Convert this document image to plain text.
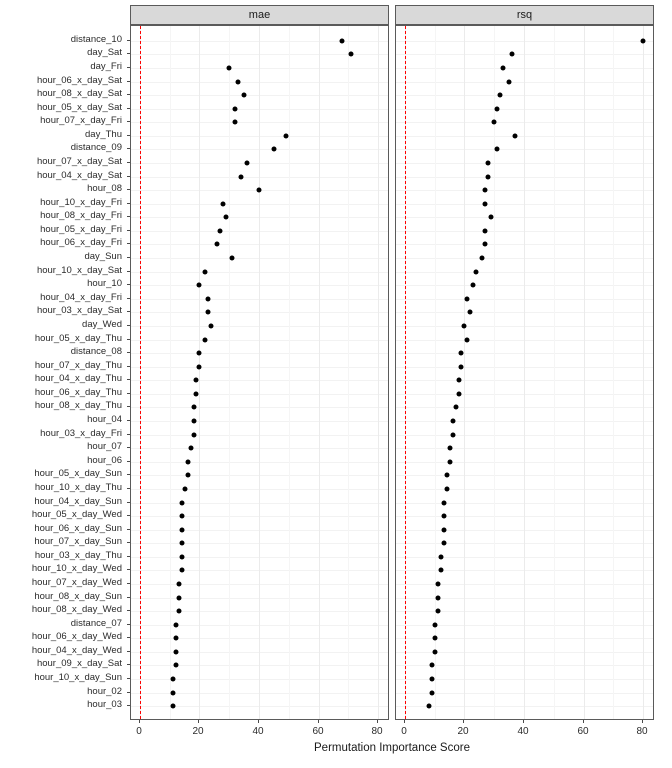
distance_10
day_Sat
day_Fri
hour_06_x_day_Sat
hour_08_x_day_Sat
hour_05_x_day_Sat
hour_07_x_day_Fri
day_Thu
distance_09
hour_07_x_day_Sat
hour_04_x_day_Sat
hour_08
hour_10_x_day_Fri
hour_08_x_day_Fri
hour_05_x_day_Fri
hour_06_x_day_Fri
day_Sun
hour_10_x_day_Sat
hour_10
hour_04_x_day_Fri
hour_03_x_day_Sat
day_Wed
hour_05_x_day_Thu
distance_08
hour_07_x_day_Thu
hour_04_x_day_Thu
hour_06_x_day_Thu
hour_08_x_day_Thu
hour_04
hour_03_x_day_Fri
hour_07
hour_06
hour_05_x_day_Sun
hour_10_x_day_Thu
hour_04_x_day_Sun
hour_05_x_day_Wed
hour_06_x_day_Sun
hour_07_x_day_Sun
hour_03_x_day_Thu
hour_10_x_day_Wed
hour_07_x_day_Wed
hour_08_x_day_Sun
hour_08_x_day_Wed
distance_07
hour_06_x_day_Wed
hour_04_x_day_Wed
hour_09_x_day_Sat
hour_10_x_day_Sun
hour_02
hour_03
mae	rsq
Permutation Importance Score
0	20	40	60	80 0	20	40	60	80
